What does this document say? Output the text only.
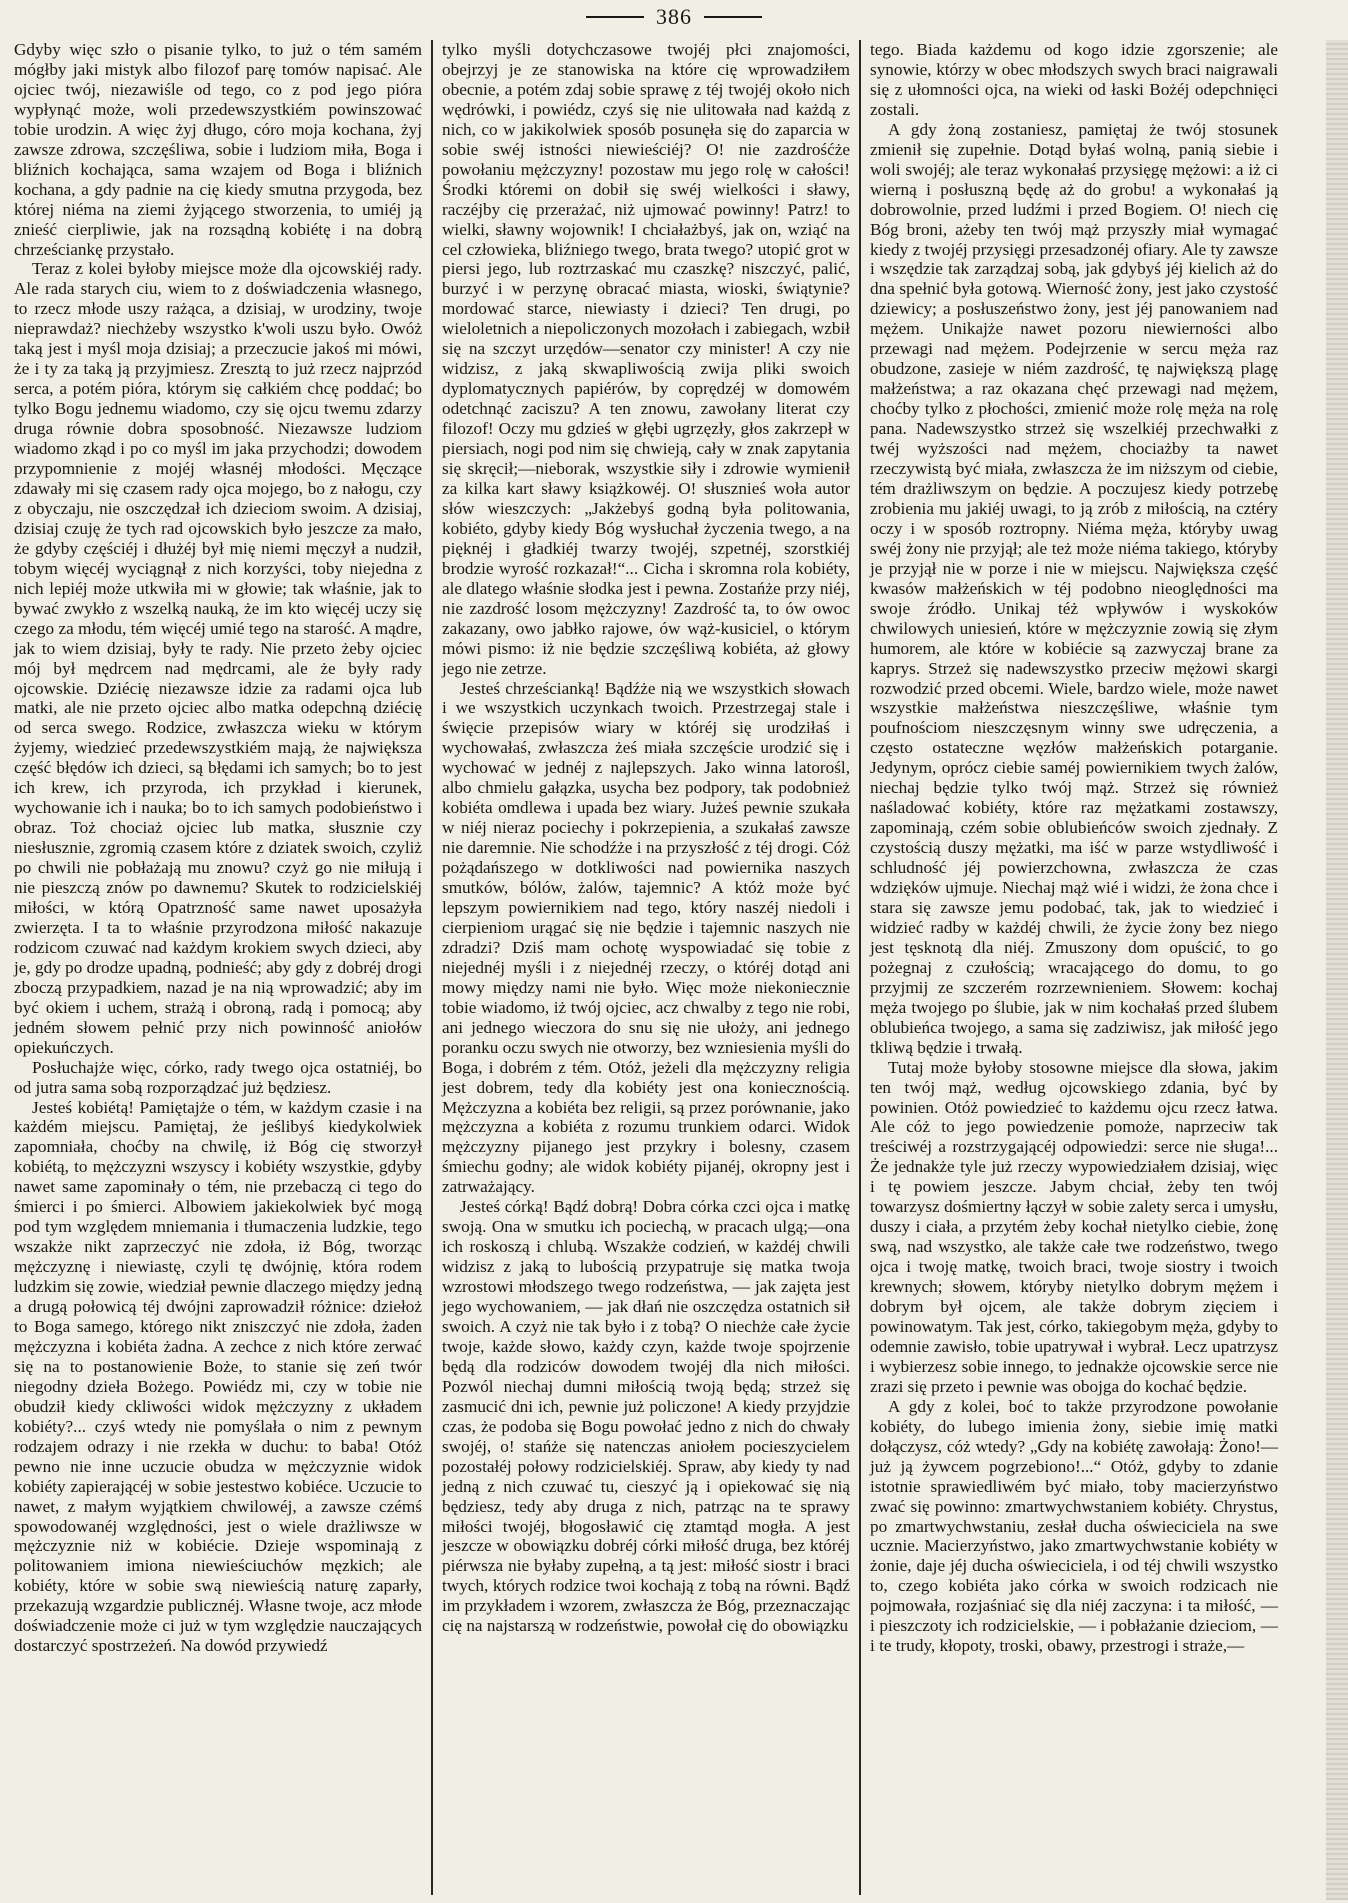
386

Gdyby więc szło o pisanie tylko, to już o tém samém mógłby jaki mistyk albo filozof parę tomów napisać. Ale ojciec twój, niezawiśle od tego, co z pod jego pióra wypłynąć może, woli przedewszystkiém powinszować tobie urodzin. A więc żyj długo, córo moja kochana, żyj zawsze zdrowa, szczęśliwa, sobie i ludziom miła, Boga i bliźnich kochająca, sama wzajem od Boga i bliźnich kochana, a gdy padnie na cię kiedy smutna przygoda, bez której niéma na ziemi żyjącego stworzenia, to umiéj ją znieść cierpliwie, jak na rozsądną kobiétę i na dobrą chrześciankę przystało.

Teraz z kolei byłoby miejsce może dla ojcowskiéj rady. Ale rada starych ciu, wiem to z doświadczenia własnego, to rzecz młode uszy rażąca, a dzisiaj, w urodziny, twoje nieprawdaż? niechżeby wszystko k'woli uszu było. Owóż taką jest i myśl moja dzisiaj; a przeczucie jakoś mi mówi, że i ty za taką ją przyjmiesz. Zresztą to już rzecz najprzód serca, a potém pióra, którym się całkiém chcę poddać; bo tylko Bogu jednemu wiadomo, czy się ojcu twemu zdarzy druga równie dobra sposobność. Niezawsze ludziom wiadomo zkąd i po co myśl im jaka przychodzi; dowodem przypomnienie z mojéj własnéj młodości. Męczące zdawały mi się czasem rady ojca mojego, bo z nałogu, czy z obyczaju, nie oszczędzał ich dzieciom swoim. A dzisiaj, dzisiaj czuję że tych rad ojcowskich było jeszcze za mało, że gdyby częściéj i dłużéj był mię niemi męczył a nudził, tobym więcéj wyciągnął z nich korzyści, toby niejedna z nich lepiéj może utkwiła mi w głowie; tak właśnie, jak to bywać zwykło z wszelką nauką, że im kto więcéj uczy się czego za młodu, tém więcéj umié tego na starość. A mądre, jak to wiem dzisiaj, były te rady. Nie przeto żeby ojciec mój był mędrcem nad mędrcami, ale że były rady ojcowskie. Dziécię niezawsze idzie za radami ojca lub matki, ale nie przeto ojciec albo matka odepchną dziécię od serca swego. Rodzice, zwłaszcza wieku w którym żyjemy, wiedzieć przedewszystkiém mają, że największa część błędów ich dzieci, są błędami ich samych; bo to jest ich krew, ich przyroda, ich przykład i kierunek, wychowanie ich i nauka; bo to ich samych podobieństwo i obraz. Toż chociaż ojciec lub matka, słusznie czy niesłusznie, zgromią czasem które z dziatek swoich, czyliż po chwili nie pobłażają mu znowu? czyż go nie miłują i nie pieszczą znów po dawnemu? Skutek to rodzicielskiéj miłości, w którą Opatrzność same nawet uposażyła zwierzęta. I ta to właśnie przyrodzona miłość nakazuje rodzicom czuwać nad każdym krokiem swych dzieci, aby je, gdy po drodze upadną, podnieść; aby gdy z dobréj drogi zboczą przypadkiem, nazad je na nią wprowadzić; aby im być okiem i uchem, strażą i obroną, radą i pomocą; aby jedném słowem pełnić przy nich powinność aniołów opiekuńczych.

Posłuchajże więc, córko, rady twego ojca ostatniéj, bo od jutra sama sobą rozporządzać już będziesz.

Jesteś kobiétą! Pamiętajże o tém, w każdym czasie i na każdém miejscu. Pamiętaj, że jeślibyś kiedykolwiek zapomniała, choćby na chwilę, iż Bóg cię stworzył kobiétą, to mężczyzni wszyscy i kobiéty wszystkie, gdyby nawet same zapominały o tém, nie przebaczą ci tego do śmierci i po śmierci. Albowiem jakiekolwiek być mogą pod tym względem mniemania i tłumaczenia ludzkie, tego wszakże nikt zaprzeczyć nie zdoła, iż Bóg, tworząc mężczyznę i niewiastę, czyli tę dwójnię, która rodem ludzkim się zowie, wiedział pewnie dlaczego między jedną a drugą połowicą téj dwójni zaprowadził różnice: dziełoż to Boga samego, którego nikt zniszczyć nie zdoła, żaden mężczyzna i kobiéta żadna. A zechce z nich które zerwać się na to postanowienie Boże, to stanie się zeń twór niegodny dzieła Bożego. Powiédz mi, czy w tobie nie obudził kiedy ckliwości widok mężczyzny z układem kobiéty?... czyś wtedy nie pomyślała o nim z pewnym rodzajem odrazy i nie rzekła w duchu: to baba! Otóż pewno nie inne uczucie obudza w mężczyznie widok kobiéty zapierającéj w sobie jestestwo kobiéce. Uczucie to nawet, z małym wyjątkiem chwilowéj, a zawsze czémś spowodowanéj względności, jest o wiele drażliwsze w mężczyznie niż w kobiécie. Dzieje wspominają z politowaniem imiona niewieściuchów męzkich; ale kobiéty, które w sobie swą niewieścią naturę zaparły, przekazują wzgardzie publicznéj. Własne twoje, acz młode doświadczenie może ci już w tym względzie nauczających dostarczyć spostrzeżeń. Na dowód przywiedź

tylko myśli dotychczasowe twojéj płci znajomości, obejrzyj je ze stanowiska na które cię wprowadziłem obecnie, a potém zdaj sobie sprawę z téj twojéj około nich wędrówki, i powiédz, czyś się nie ulitowała nad każdą z nich, co w jakikolwiek sposób posunęła się do zaparcia w sobie swéj istności niewieściéj? O! nie zazdrośćże powołaniu mężczyzny! pozostaw mu jego rolę w całości! Środki któremi on dobił się swéj wielkości i sławy, raczéjby cię przerażać, niż ujmować powinny! Patrz! to wielki, sławny wojownik! I chciałażbyś, jak on, wziąć na cel człowieka, bliźniego twego, brata twego? utopić grot w piersi jego, lub roztrzaskać mu czaszkę? niszczyć, palić, burzyć i w perzynę obracać miasta, wioski, świątynie? mordować starce, niewiasty i dzieci? Ten drugi, po wieloletnich a niepoliczonych mozołach i zabiegach, wzbił się na szczyt urzędów—senator czy minister! A czy nie widzisz, z jaką skwapliwością zwija pliki swoich dyplomatycznych papiérów, by coprędzéj w domowém odetchnąć zaciszu? A ten znowu, zawołany literat czy filozof! Oczy mu gdzieś w głębi ugrzęzły, głos zakrzepł w piersiach, nogi pod nim się chwieją, cały w znak zapytania się skręcił;—nieborak, wszystkie siły i zdrowie wymienił za kilka kart sławy książkowéj. O! słusznieś woła autor słów wieszczych: „Jakżebyś godną była politowania, kobiéto, gdyby kiedy Bóg wysłuchał życzenia twego, a na pięknéj i gładkiéj twarzy twojéj, szpetnéj, szorstkiéj brodzie wyrość rozkazał!“... Cicha i skromna rola kobiéty, ale dlatego właśnie słodka jest i pewna. Zostańże przy niéj, nie zazdrość losom mężczyzny! Zazdrość ta, to ów owoc zakazany, owo jabłko rajowe, ów wąż-kusiciel, o którym mówi pismo: iż nie będzie szczęśliwą kobiéta, aż głowy jego nie zetrze.

Jesteś chrześcianką! Bądźże nią we wszystkich słowach i we wszystkich uczynkach twoich. Przestrzegaj stale i święcie przepisów wiary w któréj się urodziłaś i wychowałaś, zwłaszcza żeś miała szczęście urodzić się i wychować w jednéj z najlepszych. Jako winna latorośl, albo chmielu gałązka, usycha bez podpory, tak podobnież kobiéta omdlewa i upada bez wiary. Jużeś pewnie szukała w niéj nieraz pociechy i pokrzepienia, a szukałaś zawsze nie daremnie. Nie schodźże i na przyszłość z téj drogi. Cóż pożądańszego w dotkliwości nad powiernika naszych smutków, bólów, żalów, tajemnic? A któż może być lepszym powiernikiem nad tego, który naszéj niedoli i cierpieniom urągać się nie będzie i tajemnic naszych nie zdradzi? Dziś mam ochotę wyspowiadać się tobie z niejednéj myśli i z niejednéj rzeczy, o któréj dotąd ani mowy między nami nie było. Więc może niekoniecznie tobie wiadomo, iż twój ojciec, acz chwalby z tego nie robi, ani jednego wieczora do snu się nie ułoży, ani jednego poranku oczu swych nie otworzy, bez wzniesienia myśli do Boga, i dobrém z tém. Otóż, jeżeli dla mężczyzny religia jest dobrem, tedy dla kobiéty jest ona koniecznością. Mężczyzna a kobiéta bez religii, są przez porównanie, jako mężczyzna a kobiéta z rozumu trunkiem odarci. Widok mężczyzny pijanego jest przykry i bolesny, czasem śmiechu godny; ale widok kobiéty pijanéj, okropny jest i zatrważający.

Jesteś córką! Bądź dobrą! Dobra córka czci ojca i matkę swoją. Ona w smutku ich pociechą, w pracach ulgą;—ona ich roskoszą i chlubą. Wszakże codzień, w każdéj chwili widzisz z jaką to lubością przypatruje się matka twoja wzrostowi młodszego twego rodzeństwa, — jak zajęta jest jego wychowaniem, — jak dłań nie oszczędza ostatnich sił swoich. A czyż nie tak było i z tobą? O niechże całe życie twoje, każde słowo, każdy czyn, każde twoje spojrzenie będą dla rodziców dowodem twojéj dla nich miłości. Pozwól niechaj dumni miłością twoją będą; strzeż się zasmucić dni ich, pewnie już policzone! A kiedy przyjdzie czas, że podoba się Bogu powołać jedno z nich do chwały swojéj, o! stańże się natenczas aniołem pocieszycielem pozostałéj połowy rodzicielskiéj. Spraw, aby kiedy ty nad jedną z nich czuwać tu, cieszyć ją i opiekować się nią będziesz, tedy aby druga z nich, patrząc na te sprawy miłości twojéj, błogosławić cię ztamtąd mogła. A jest jeszcze w obowiązku dobréj córki miłość druga, bez któréj piérwsza nie byłaby zupełną, a tą jest: miłość siostr i braci twych, których rodzice twoi kochają z tobą na równi. Bądź im przykładem i wzorem, zwłaszcza że Bóg, przeznaczając cię na najstarszą w rodzeństwie, powołał cię do obowiązku

tego. Biada każdemu od kogo idzie zgorszenie; ale synowie, którzy w obec młodszych swych braci naigrawali się z ułomności ojca, na wieki od łaski Bożéj odepchnięci zostali.

A gdy żoną zostaniesz, pamiętaj że twój stosunek zmienił się zupełnie. Dotąd byłaś wolną, panią siebie i woli swojéj; ale teraz wykonałaś przysięgę mężowi: a iż ci wierną i posłuszną będę aż do grobu! a wykonałaś ją dobrowolnie, przed ludźmi i przed Bogiem. O! niech cię Bóg broni, ażeby ten twój mąż przyszły miał wymagać kiedy z twojéj przysięgi przesadzonéj ofiary. Ale ty zawsze i wszędzie tak zarządzaj sobą, jak gdybyś jéj kielich aż do dna spełnić była gotową. Wierność żony, jest jako czystość dziewicy; a posłuszeństwo żony, jest jéj panowaniem nad mężem. Unikajże nawet pozoru niewierności albo przewagi nad mężem. Podejrzenie w sercu męża raz obudzone, zasieje w niém zazdrość, tę największą plagę małżeństwa; a raz okazana chęć przewagi nad mężem, choćby tylko z płochości, zmienić może rolę męża na rolę pana. Nadewszystko strzeż się wszelkiéj przechwałki z twéj wyższości nad mężem, chociażby ta nawet rzeczywistą być miała, zwłaszcza że im niższym od ciebie, tém drażliwszym on będzie. A poczujesz kiedy potrzebę zrobienia mu jakiéj uwagi, to ją zrób z miłością, na cztéry oczy i w sposób roztropny. Niéma męża, któryby uwag swéj żony nie przyjął; ale też może niéma takiego, któryby je przyjął nie w porze i nie w miejscu. Największa część kwasów małżeńskich w téj podobno nieoględności ma swoje źródło. Unikaj téż wpływów i wyskoków chwilowych uniesień, które w mężczyznie zowią się złym humorem, ale które w kobiécie są zazwyczaj brane za kaprys. Strzeż się nadewszystko przeciw mężowi skargi rozwodzić przed obcemi. Wiele, bardzo wiele, może nawet wszystkie małżeństwa nieszczęśliwe, właśnie tym poufnościom nieszczęsnym winny swe udręczenia, a często ostateczne węzłów małżeńskich potarganie. Jedynym, oprócz ciebie saméj powiernikiem twych żalów, niechaj będzie tylko twój mąż. Strzeż się również naśladować kobiéty, które raz mężatkami zostawszy, zapominają, czém sobie oblubieńców swoich zjednały. Z czystością duszy mężatki, ma iść w parze wstydliwość i schludność jéj powierzchowna, zwłaszcza że czas wdzięków ujmuje. Niechaj mąż wié i widzi, że żona chce i stara się zawsze jemu podobać, tak, jak to wiedzieć i widzieć radby w każdéj chwili, że życie żony bez niego jest tęsknotą dla niéj. Zmuszony dom opuścić, to go pożegnaj z czułością; wracającego do domu, to go przyjmij ze szczerém rozrzewnieniem. Słowem: kochaj męża twojego po ślubie, jak w nim kochałaś przed ślubem oblubieńca twojego, a sama się zadziwisz, jak miłość jego tkliwą będzie i trwałą.

Tutaj może byłoby stosowne miejsce dla słowa, jakim ten twój mąż, według ojcowskiego zdania, być by powinien. Otóż powiedzieć to każdemu ojcu rzecz łatwa. Ale cóż to jego powiedzenie pomoże, naprzeciw tak treściwéj a rozstrzygającéj odpowiedzi: serce nie sługa!... Że jednakże tyle już rzeczy wypowiedziałem dzisiaj, więc i tę powiem jeszcze. Jabym chciał, żeby ten twój towarzysz dośmiertny łączył w sobie zalety serca i umysłu, duszy i ciała, a przytém żeby kochał nietylko ciebie, żonę swą, nad wszystko, ale także całe twe rodzeństwo, twego ojca i twoję matkę, twoich braci, twoje siostry i twoich krewnych; słowem, któryby nietylko dobrym mężem i dobrym był ojcem, ale także dobrym zięciem i powinowatym. Tak jest, córko, takiegobym męża, gdyby to odemnie zawisło, tobie upatrywał i wybrał. Lecz upatrzysz i wybierzesz sobie innego, to jednakże ojcowskie serce nie zrazi się przeto i pewnie was obojga do kochać będzie.

A gdy z kolei, boć to także przyrodzone powołanie kobiéty, do lubego imienia żony, siebie imię matki dołączysz, cóż wtedy? „Gdy na kobiétę zawołają: Żono!—już ją żywcem pogrzebiono!...“ Otóż, gdyby to zdanie istotnie sprawiedliwém być miało, toby macierzyństwo zwać się powinno: zmartwychwstaniem kobiéty. Chrystus, po zmartwychwstaniu, zesłał ducha oświeciciela na swe uczniе. Macierzyństwo, jako zmartwychwstanie kobiéty w żonie, daje jéj ducha oświeciciela, i od téj chwili wszystko to, czego kobiéta jako córka w swoich rodzicach nie pojmowała, rozjaśniać się dla niéj zaczyna: i ta miłość, — i pieszczoty ich rodzicielskie, — i pobłażanie dzieciom, — i te trudy, kłopoty, troski, obawy, przestrogi i straże,—
